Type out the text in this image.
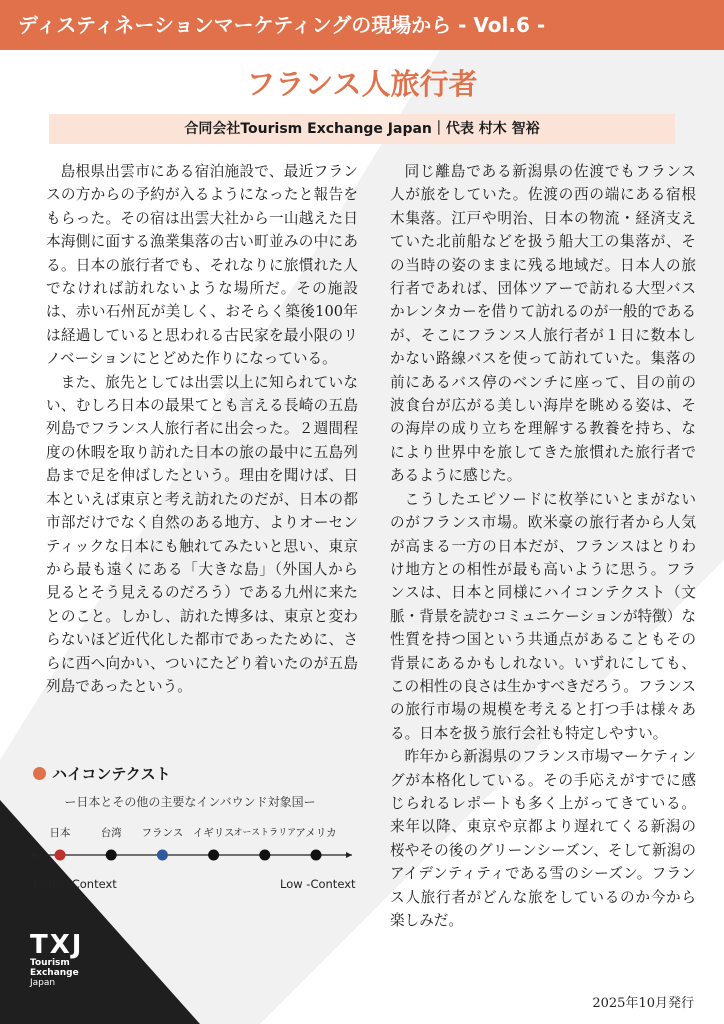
ディスティネーションマーケティングの現場から - Vol.6 -
フランス人旅行者
合同会社Tourism Exchange Japan｜代表 村木 智裕

島根県出雲市にある宿泊施設で、最近フランスの方からの予約が入るようになったと報告をもらった。その宿は出雲大社から一山越えた日本海側に面する漁業集落の古い町並みの中にある。日本の旅行者でも、それなりに旅慣れた人でなければ訪れないような場所だ。その施設は、赤い石州瓦が美しく、おそらく築後100年は経過していると思われる古民家を最小限のリノベーションにとどめた作りになっている。

また、旅先としては出雲以上に知られていない、むしろ日本の最果てとも言える長崎の五島列島でフランス人旅行者に出会った。２週間程度の休暇を取り訪れた日本の旅の最中に五島列島まで足を伸ばしたという。理由を聞けば、日本といえば東京と考え訪れたのだが、日本の都市部だけでなく自然のある地方、よりオーセンティックな日本にも触れてみたいと思い、東京から最も遠くにある「大きな島」（外国人から見るとそう見えるのだろう）である九州に来たとのこと。しかし、訪れた博多は、東京と変わらないほど近代化した都市であったために、さらに西へ向かい、ついにたどり着いたのが五島列島であったという。

同じ離島である新潟県の佐渡でもフランス人が旅をしていた。佐渡の西の端にある宿根木集落。江戸や明治、日本の物流・経済支えていた北前船などを扱う船大工の集落が、その当時の姿のままに残る地域だ。日本人の旅行者であれば、団体ツアーで訪れる大型バスかレンタカーを借りて訪れるのが一般的であるが、そこにフランス人旅行者が１日に数本しかない路線バスを使って訪れていた。集落の前にあるバス停のベンチに座って、目の前の波食台が広がる美しい海岸を眺める姿は、その海岸の成り立ちを理解する教養を持ち、なにより世界中を旅してきた旅慣れた旅行者であるように感じた。

こうしたエピソードに枚挙にいとまがないのがフランス市場。欧米豪の旅行者から人気が高まる一方の日本だが、フランスはとりわけ地方との相性が最も高いように思う。フランスは、日本と同様にハイコンテクスト（文脈・背景を読むコミュニケーションが特徴）な性質を持つ国という共通点があることもその背景にあるかもしれない。いずれにしても、この相性の良さは生かすべきだろう。フランスの旅行市場の規模を考えると打つ手は様々ある。日本を扱う旅行会社も特定しやすい。

昨年から新潟県のフランス市場マーケティングが本格化している。その手応えがすでに感じられるレポートも多く上がってきている。来年以降、東京や京都より遅れてくる新潟の桜やその後のグリーンシーズン、そして新潟のアイデンティティである雪のシーズン。フランス人旅行者がどんな旅をしているのか今から楽しみだ。

ハイコンテクスト
ー日本とその他の主要なインバウンド対象国ー
日本	台湾 フランス イギリス オーストラリア アメリカ
Hight -Context	Low -Context
TXJ
Tourism
Exchange
Japan
2025年10月発行
